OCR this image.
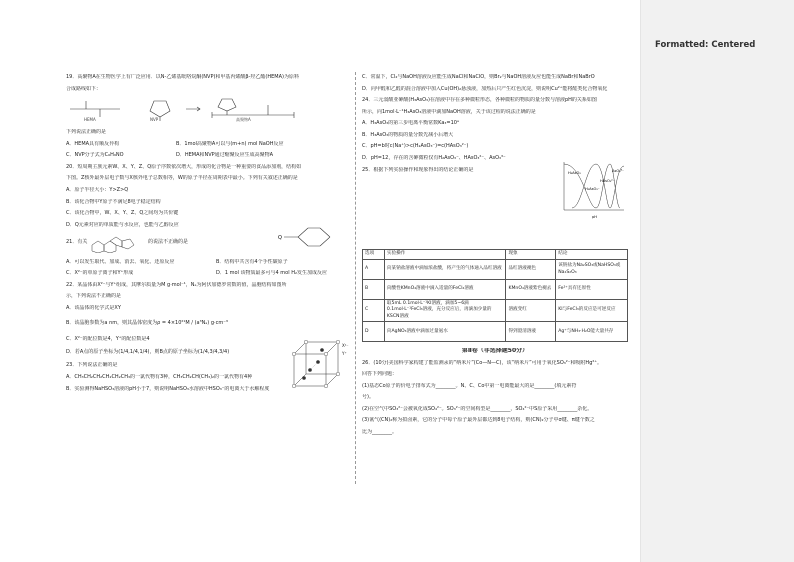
19．高聚物A在生物医学上有广泛应用．以N-乙烯基吡咯烷酮(NVP)和甲基丙烯酸β-羟乙酯(HEMA)为原料
合成路线如下：
HEMA	NVP	高聚物A
下列说法正确的是
A．HEMA具有顺反异构	B．1mol高聚物A可以与(m+n) mol NaOH反应
C．NVP分子式为C₆H₉NO	D．HEMA和NVP通过缩聚反应生成高聚物A
20．短周期主族元素W、X、Y、Z、Q原子序数依次增大，形成的化合物是一种重要的食品添加剂，结构如
下图。Z核外最外层电子数与X核外电子总数相等，W的原子半径在周期表中最小。下列有关叙述正确的是
A．原子半径大小：Y>Z>Q
B．该化合物中Y原子不满足8电子稳定结构
C．该化合物中，W、X、Y、Z、Q之间均为共价键
D．Q元素对应的单质能与水反应，也能与乙醇反应
Q
21．有关	的说法不正确的是
A．可以发生取代、加成、消去、氧化、还原反应	B．结构中共含有4个手性碳原子
C．X²⁻的单原子离子和Y⁺形成	D．1 mol 该物质最多可与4 mol H₂发生加成反应
22．某晶体由X²⁻与Y⁺组成，其摩尔质量为M g·mol⁻¹，Nₐ为阿伏加德罗常数的值，晶胞结构如图所
示，下列说法不正确的是
A．该晶体的化学式是XY
B．该晶胞参数为a nm，则其晶体密度为ρ = 4×10²¹M / (a³Nₐ) g·cm⁻³
C．X²⁻的配位数是4，Y⁺的配位数是4
D．若A点的原子坐标为(1/4,1/4,1/4)，则B点的原子坐标为(1/4,3/4,3/4)
X²⁻
Y⁺
23．下列说法正确的是
A．CH₃CH₂CH₂CH₂CH₂CH₃的一氯代物有3种，CH₃CH₂CH(CH₃)₂的一氯代物有4种
B．实验测得NaHSO₃溶液的pH小于7，则说明NaHSO₃水溶液中HSO₃⁻的电离大于水解程度
C．常温下，Cl₂与NaOH溶液反应能生成NaCl和NaClO，则Br₂与NaOH溶液反应也能生成NaBr和NaBrO
D．向甲醛和乙醛的混合溶液中加入Cu(OH)₂悬浊液，加热后只产生红色沉淀，则说明Cu²⁺能将醛类化合物氧化
24．三元弱酸亚砷酸(H₃AsO₃)在溶液中存在多种微粒形态，各种微粒的物质的量分数与溶液pH的关系如图
所示，向1mol·L⁻¹H₃AsO₃溶液中滴加NaOH溶液，关于该过程的说法正确的是
A．H₃AsO₃的第三步电离平衡常数Ka₃=10ᵃ
B．H₃AsO₃的物质的量分数先减小后增大
C．pH=b时c(Na⁺)>c(H₂AsO₃⁻)=c(HAsO₃²⁻)
D．pH=12，存在的含砷微粒仅有H₂AsO₃⁻、HAsO₃²⁻、AsO₃³⁻
H₃AsO₃
H₂AsO₃⁻
HAsO₃²⁻
AsO₃³⁻
pH
25．根据下列实验操作和现象得出的结论正确的是
选项	实验操作	现象	结论
A	向某钠盐溶液中滴加浓盐酸，将产生的气体通入品红溶液	品红溶液褪色	该钠盐为Na₂SO₃或NaHSO₃或Na₂S₂O₃
B	向酸性KMnO₄溶液中滴入适量的FeCl₂溶液	KMnO₄溶液紫色褪去	Fe²⁺具有还原性
C	取5mL 0.1mol·L⁻¹KI溶液，滴加5~6滴0.1mol·L⁻¹FeCl₃溶液，充分反应后，再滴加少量的KSCN溶液	溶液变红	KI与FeCl₃的反应是可逆反应
D	向AgNO₃溶液中滴加过量氨水	得到澄清溶液	Ag⁺与NH₃·H₂O能大量共存
第Ⅱ卷（非选择题50分）
26．(10分)美国科学家构建了能监测汞的“纳米片”(Co—N—C)，该“纳米片”可用于氧化SO₃²⁻和吸附Hg²⁺。
回答下列问题：
(1)基态Co原子的价电子排布式为________。N、C、Co中第一电离能最大的是________(填元素符
号)。
(2)在空气中SO₃²⁻会被氧化成SO₄²⁻。SO₃²⁻的空间构型是________，SO₄²⁻中S原子采用________杂化。
(3)氰气(CN)₂称为拟卤素，它的分子中每个原子最外层都达到8电子结构，则(CN)₂分子中σ键、π键个数之
比为________。
Formatted: Centered
